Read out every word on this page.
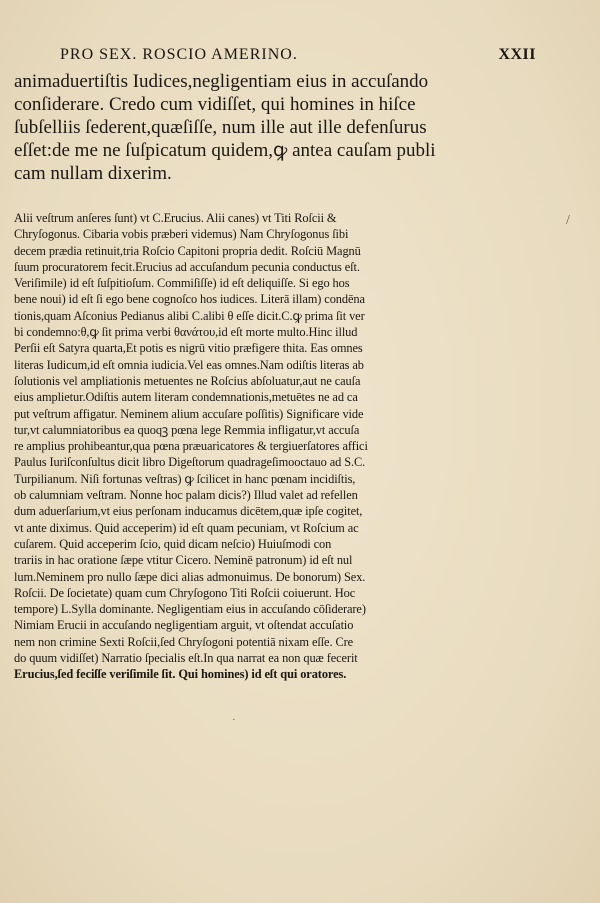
PRO SEX. ROSCIO AMERINO.	XXII
animaduertiſtis Iudices,negligentiam eius in accuſando
conſiderare. Credo cum vidiſſet, qui homines in hiſce
ſubſelliis ſederent,quæſiſſe, num ille aut ille defenſurus
eſſet:de me ne ſuſpicatum quidem,ꝙ antea cauſam publi
cam nullam dixerim.
Alii veſtrum anſeres ſunt) vt C.Erucius. Alii canes) vt Titi Roſcii &
Chryſogonus. Cibaria vobis præberi videmus) Nam Chryſogonus ſibi
decem prædia retinuit,tria Roſcio Capitoni propria dedit. Roſciū Magnū
ſuum procuratorem fecit.Erucius ad accuſandum pecunia conductus eſt.
Veriſimile) id eſt ſuſpitioſum. Commiſiſſe) id eſt deliquiſſe. Si ego hos
bene noui) id eſt ſi ego bene cognoſco hos iudices. Literā illam) condēna
tionis,quam Aſconius Pedianus alibi C.alibi θ eſſe dicit.C.ꝙ prima ſit ver
bi condemno:θ,ꝙ ſit prima verbi θανάτου,id eſt morte multo.Hinc illud
Perſii eſt Satyra quarta,Et potis es nigrū vitio præfigere thita. Eas omnes
literas Iudicum,id eſt omnia iudicia.Vel eas omnes.Nam odiſtis literas ab
ſolutionis vel ampliationis metuentes ne Roſcius abſoluatur,aut ne cauſa
eius amplietur.Odiſtis autem literam condemnationis,metuētes ne ad ca
put veſtrum affigatur. Neminem alium accuſare poſſitis) Significare vide
tur,vt calumniatoribus ea quoqꝫ pœna lege Remmia infligatur,vt accuſa
re amplius prohibeantur,qua pœna præuaricatores & tergiuerſatores affici
Paulus Iuriſconſultus dicit libro Digeſtorum quadrageſimooctauo ad S.C.
Turpilianum. Niſi fortunas veſtras) ꝙ ſcilicet in hanc pœnam incidiſtis,
ob calumniam veſtram. Nonne hoc palam dicis?) Illud valet ad refellen
dum aduerſarium,vt eius perſonam inducamus dicētem,quæ ipſe cogitet,
vt ante diximus. Quid acceperim) id eſt quam pecuniam, vt Roſcium ac
cuſarem. Quid acceperim ſcio, quid dicam neſcio) Huiuſmodi con
trariis in hac oratione ſæpe vtitur Cicero. Neminē patronum) id eſt nul
lum.Neminem pro nullo ſæpe dici alias admonuimus. De bonorum) Sex.
Roſcii. De ſocietate) quam cum Chryſogono Titi Roſcii coiuerunt. Hoc
tempore) L.Sylla dominante. Negligentiam eius in accuſando cōſiderare)
Nimiam Erucii in accuſando negligentiam arguit, vt oſtendat accuſatio
nem non crimine Sexti Roſcii,ſed Chryſogoni potentiā nixam eſſe. Cre
do quum vidiſſet) Narratio ſpecialis eſt.In qua narrat ea non quæ fecerit
Erucius,ſed feciſſe veriſimile ſit. Qui homines) id eſt qui oratores.
/
·
